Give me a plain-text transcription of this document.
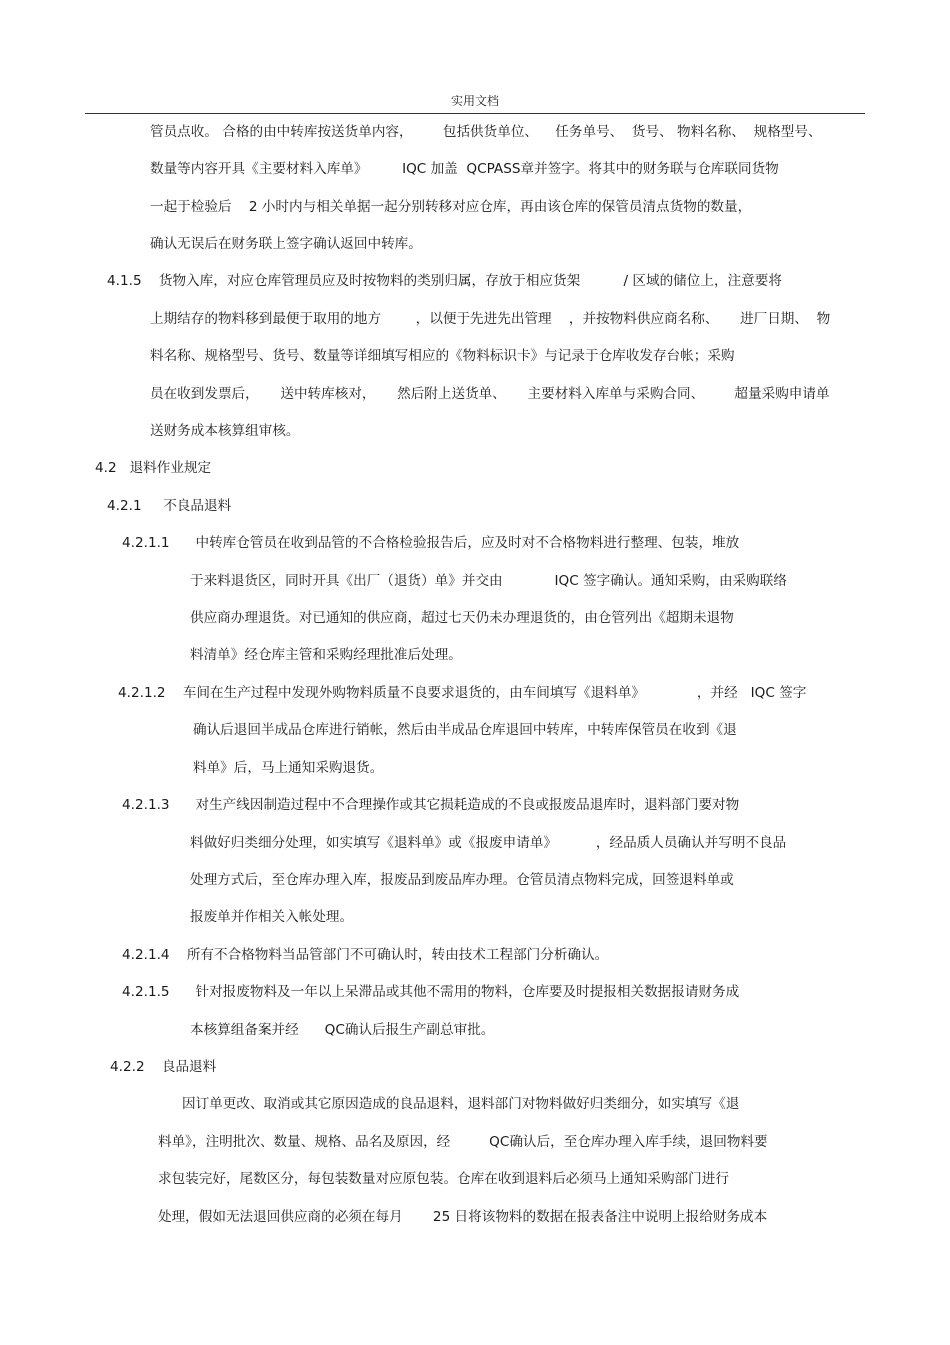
实用文档
管员点收。 合格的由中转库按送货单内容，       包括供货单位、    任务单号、  货号、 物料名称、  规格型号、
数量等内容开具《主要材料入库单》        IQC 加盖  QCPASS章并签字。将其中的财务联与仓库联同货物
一起于检验后    2 小时内与相关单据一起分别转移对应仓库，再由该仓库的保管员清点货物的数量，
确认无误后在财务联上签字确认返回中转库。
4.1.5    货物入库，对应仓库管理员应及时按物料的类别归属，存放于相应货架          / 区域的储位上，注意要将
上期结存的物料移到最便于取用的地方        ，以便于先进先出管理    ，并按物料供应商名称、     进厂日期、  物
料名称、规格型号、货号、数量等详细填写相应的《物料标识卡》与记录于仓库收发存台帐；采购
员在收到发票后，     送中转库核对，     然后附上送货单、     主要材料入库单与采购合同、       超量采购申请单
送财务成本核算组审核。
4.2   退料作业规定
4.2.1     不良品退料
4.2.1.1      中转库仓管员在收到品管的不合格检验报告后，应及时对不合格物料进行整理、包装，堆放
于来料退货区，同时开具《出厂（退货）单》并交由            IQC 签字确认。通知采购，由采购联络
供应商办理退货。对已通知的供应商，超过七天仍未办理退货的，由仓管列出《超期未退物
料清单》经仓库主管和采购经理批准后处理。
4.2.1.2    车间在生产过程中发现外购物料质量不良要求退货的，由车间填写《退料单》            ，并经   IQC 签字
确认后退回半成品仓库进行销帐，然后由半成品仓库退回中转库，中转库保管员在收到《退
料单》后，马上通知采购退货。
4.2.1.3      对生产线因制造过程中不合理操作或其它损耗造成的不良或报废品退库时，退料部门要对物
料做好归类细分处理，如实填写《退料单》或《报废申请单》         ，经品质人员确认并写明不良品
处理方式后，至仓库办理入库，报废品到废品库办理。仓管员清点物料完成，回签退料单或
报废单并作相关入帐处理。
4.2.1.4    所有不合格物料当品管部门不可确认时，转由技术工程部门分析确认。
4.2.1.5      针对报废物料及一年以上呆滞品或其他不需用的物料，仓库要及时提报相关数据报请财务成
本核算组备案并经      QC确认后报生产副总审批。
4.2.2    良品退料
因订单更改、取消或其它原因造成的良品退料，退料部门对物料做好归类细分，如实填写《退
料单》，注明批次、数量、规格、品名及原因，经         QC确认后，至仓库办理入库手续，退回物料要
求包装完好，尾数区分，每包装数量对应原包装。仓库在收到退料后必须马上通知采购部门进行
处理，假如无法退回供应商的必须在每月       25 日将该物料的数据在报表备注中说明上报给财务成本
